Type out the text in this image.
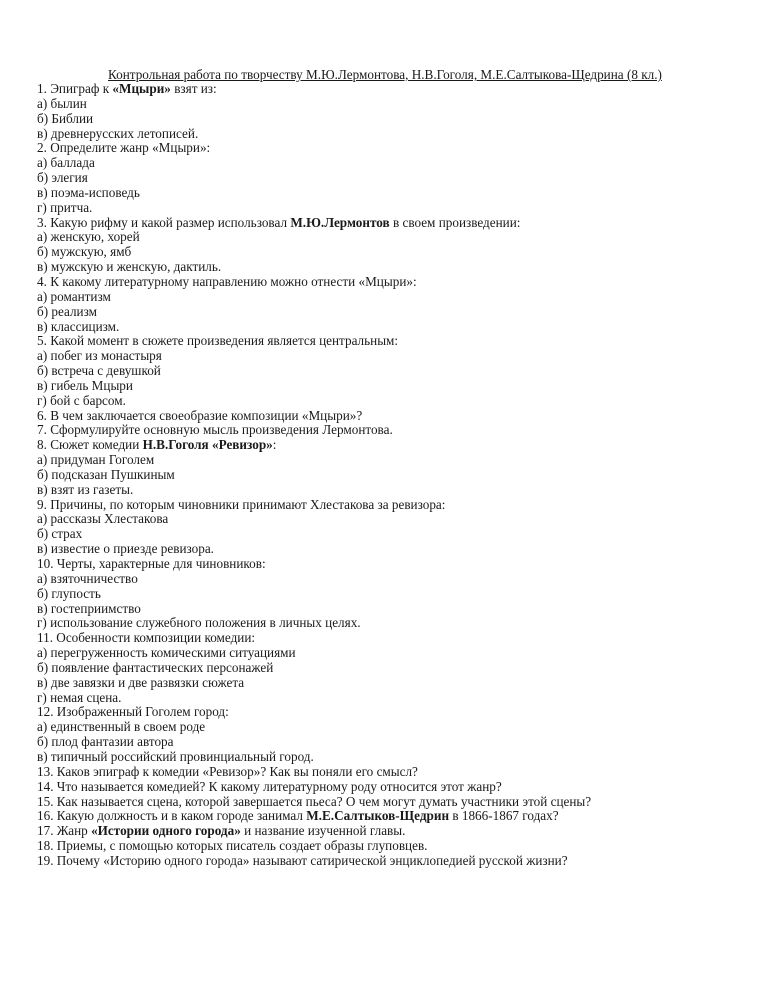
Контрольная работа по творчеству М.Ю.Лермонтова, Н.В.Гоголя, М.Е.Салтыкова-Щедрина (8 кл.)
1. Эпиграф к «Мцыри» взят из:
а) былин
б) Библии
в) древнерусских летописей.
2. Определите жанр «Мцыри»:
а) баллада
б) элегия
в) поэма-исповедь
г) притча.
3. Какую рифму и какой размер использовал М.Ю.Лермонтов в своем произведении:
а) женскую, хорей
б) мужскую, ямб
в) мужскую и женскую, дактиль.
4. К какому литературному направлению можно отнести «Мцыри»:
а) романтизм
б) реализм
в) классицизм.
5. Какой момент в сюжете произведения является центральным:
а) побег из монастыря
б) встреча с девушкой
в) гибель Мцыри
г) бой с барсом.
6. В чем заключается своеобразие композиции «Мцыри»?
7. Сформулируйте основную мысль произведения Лермонтова.
8. Сюжет комедии Н.В.Гоголя «Ревизор»:
а) придуман Гоголем
б) подсказан Пушкиным
в) взят из газеты.
9. Причины, по которым чиновники принимают Хлестакова за ревизора:
а) рассказы Хлестакова
б) страх
в) известие о приезде ревизора.
10. Черты, характерные для чиновников:
а) взяточничество
б) глупость
в) гостеприимство
г) использование служебного положения в личных целях.
11. Особенности композиции комедии:
а) перегруженность комическими ситуациями
б) появление фантастических персонажей
в) две завязки и две развязки сюжета
г) немая сцена.
12. Изображенный Гоголем город:
а) единственный в своем роде
б) плод фантазии автора
в) типичный российский провинциальный город.
13. Каков эпиграф к комедии «Ревизор»? Как вы поняли его смысл?
14. Что называется комедией? К какому литературному роду относится этот жанр?
15. Как называется сцена, которой завершается пьеса? О чем могут думать участники этой сцены?
16. Какую должность и в каком городе занимал М.Е.Салтыков-Щедрин в 1866-1867 годах?
17. Жанр «Истории одного города» и название изученной главы.
18. Приемы, с помощью которых писатель создает образы глуповцев.
19. Почему «Историю одного города» называют сатирической энциклопедией русской жизни?
